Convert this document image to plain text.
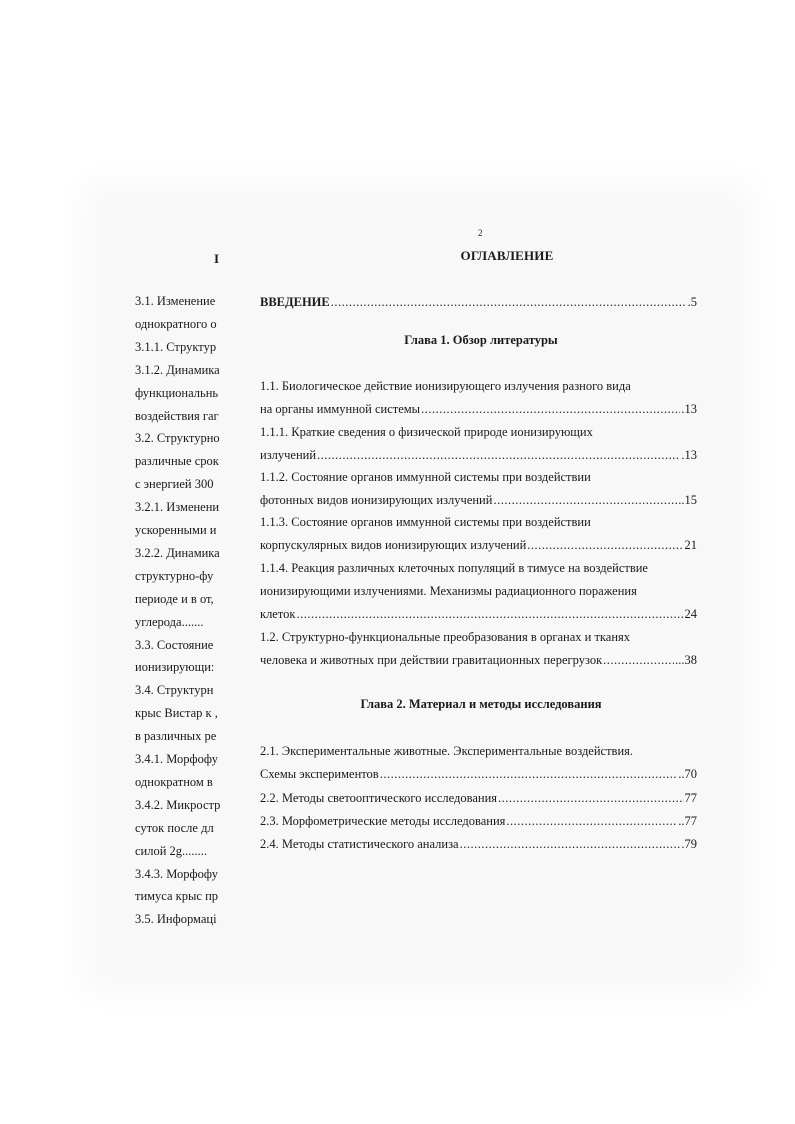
I
3.1. Изменение
однократного о
3.1.1. Структур
3.1.2. Динамика
функциональнь
воздействия гаг
3.2. Структурно
различные срок
с энергией 300
3.2.1. Изменени
ускоренными и
3.2.2. Динамика
структурно-фу
периоде и в от,
углерода.......
3.3. Состояние
ионизирующи:
3.4. Структурн
крыс Вистар к ,
в различных ре
3.4.1. Морфофу
однократном в
3.4.2. Микростр
суток после дл
силой 2g........
3.4.3. Морфофу
тимуса крыс пр
3.5. Информаці
2
ОГЛАВЛЕНИЕ
ВВЕДЕНИЕ .....	.5
Глава 1. Обзор литературы
1.1. Биологическое действие ионизирующего излучения разного вида
на органы иммунной системы .....	.13
1.1.1. Краткие сведения о физической природе ионизирующих
излучений .....	.13
1.1.2. Состояние органов иммунной системы при воздействии
фотонных видов ионизирующих излучений .....	..15
1.1.3. Состояние органов иммунной системы при воздействии
корпускулярных видов ионизирующих излучений .....	21
1.1.4. Реакция различных клеточных популяций в тимусе на воздействие
ионизирующими излучениями. Механизмы радиационного поражения
клеток .....	24
1.2. Структурно-функциональные преобразования в органах и тканях
человека и животных при действии гравитационных перегрузок .....	...38
Глава 2. Материал и методы исследования
2.1. Экспериментальные животные. Экспериментальные воздействия.
Схемы экспериментов .....	..70
2.2. Методы светооптического исследования .....	77
2.3. Морфометрические методы исследования .....	..77
2.4. Методы статистического анализа .....	.79
